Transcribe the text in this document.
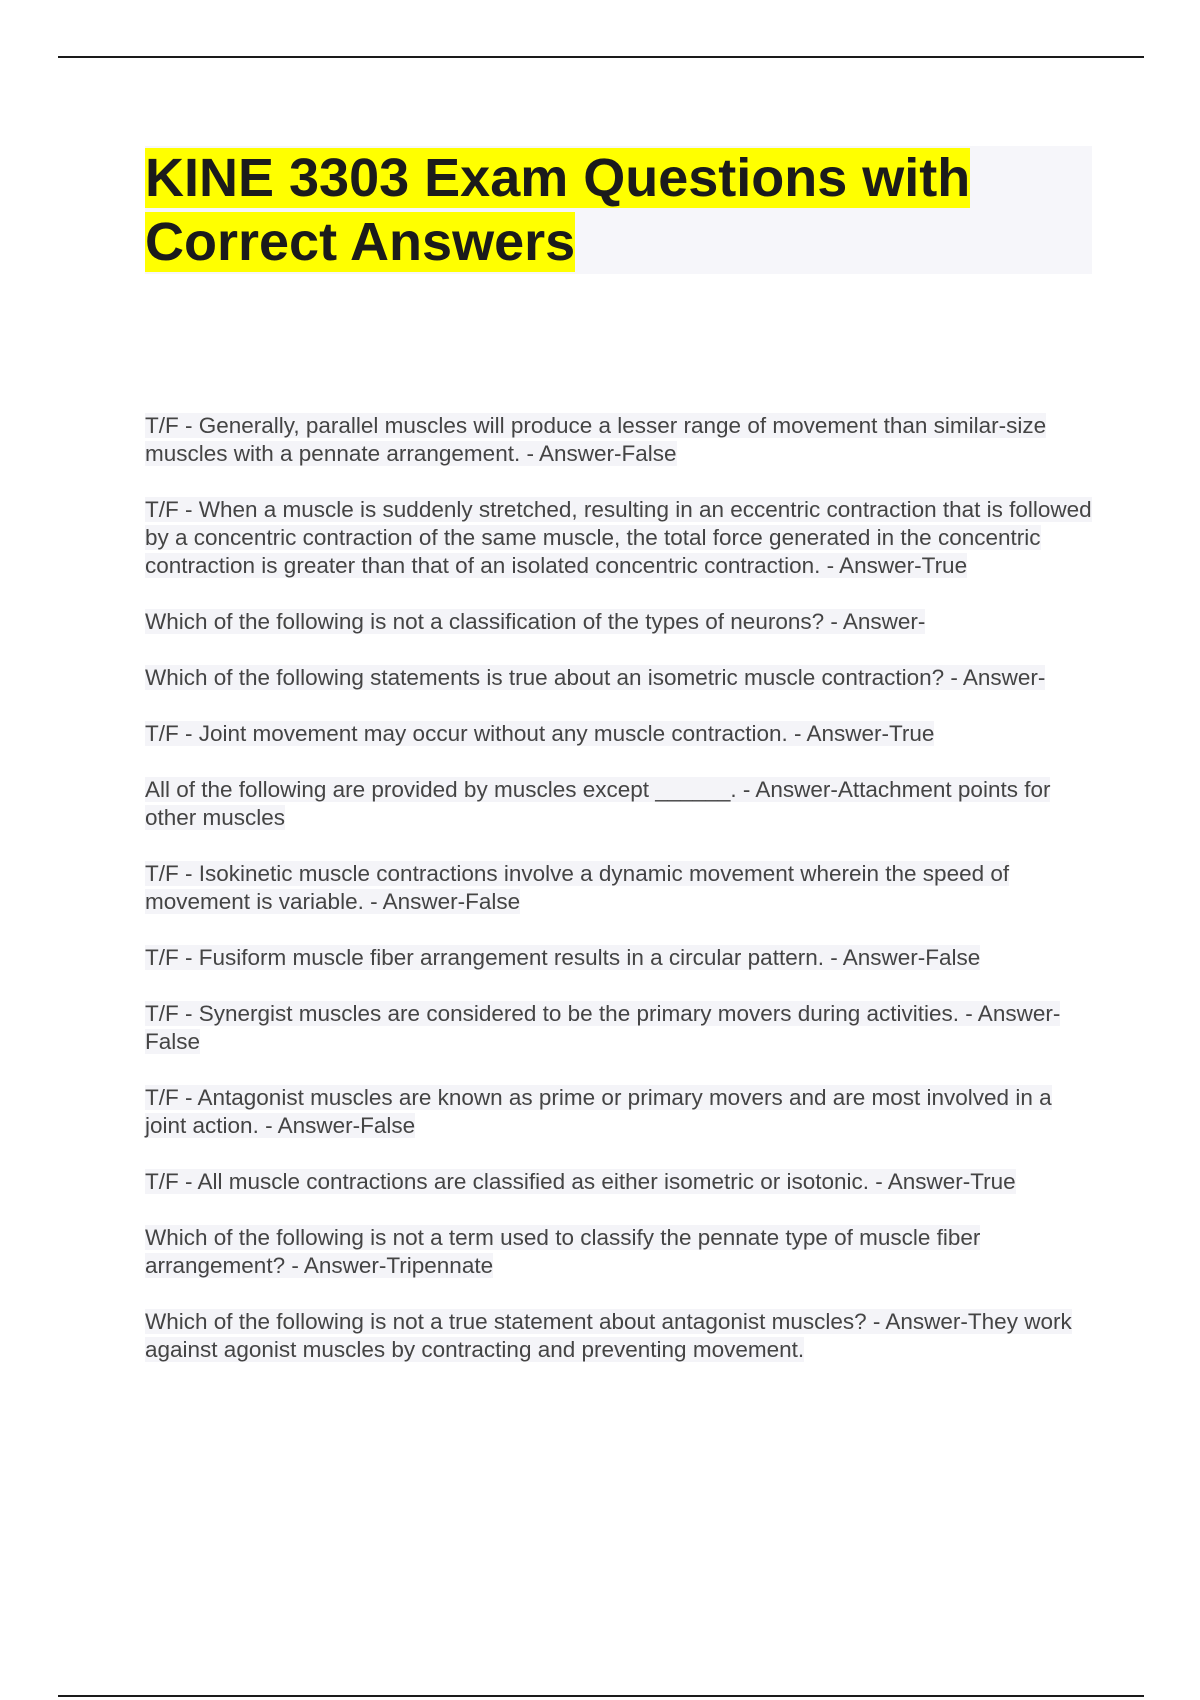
KINE 3303 Exam Questions with Correct Answers
T/F - Generally, parallel muscles will produce a lesser range of movement than similar-size muscles with a pennate arrangement. - Answer-False
T/F - When a muscle is suddenly stretched, resulting in an eccentric contraction that is followed by a concentric contraction of the same muscle, the total force generated in the concentric contraction is greater than that of an isolated concentric contraction. - Answer-True
Which of the following is not a classification of the types of neurons? - Answer-
Which of the following statements is true about an isometric muscle contraction? - Answer-
T/F - Joint movement may occur without any muscle contraction. - Answer-True
All of the following are provided by muscles except ______. - Answer-Attachment points for other muscles
T/F - Isokinetic muscle contractions involve a dynamic movement wherein the speed of movement is variable. - Answer-False
T/F - Fusiform muscle fiber arrangement results in a circular pattern. - Answer-False
T/F - Synergist muscles are considered to be the primary movers during activities. - Answer-False
T/F - Antagonist muscles are known as prime or primary movers and are most involved in a joint action. - Answer-False
T/F - All muscle contractions are classified as either isometric or isotonic. - Answer-True
Which of the following is not a term used to classify the pennate type of muscle fiber arrangement? - Answer-Tripennate
Which of the following is not a true statement about antagonist muscles? - Answer-They work against agonist muscles by contracting and preventing movement.
